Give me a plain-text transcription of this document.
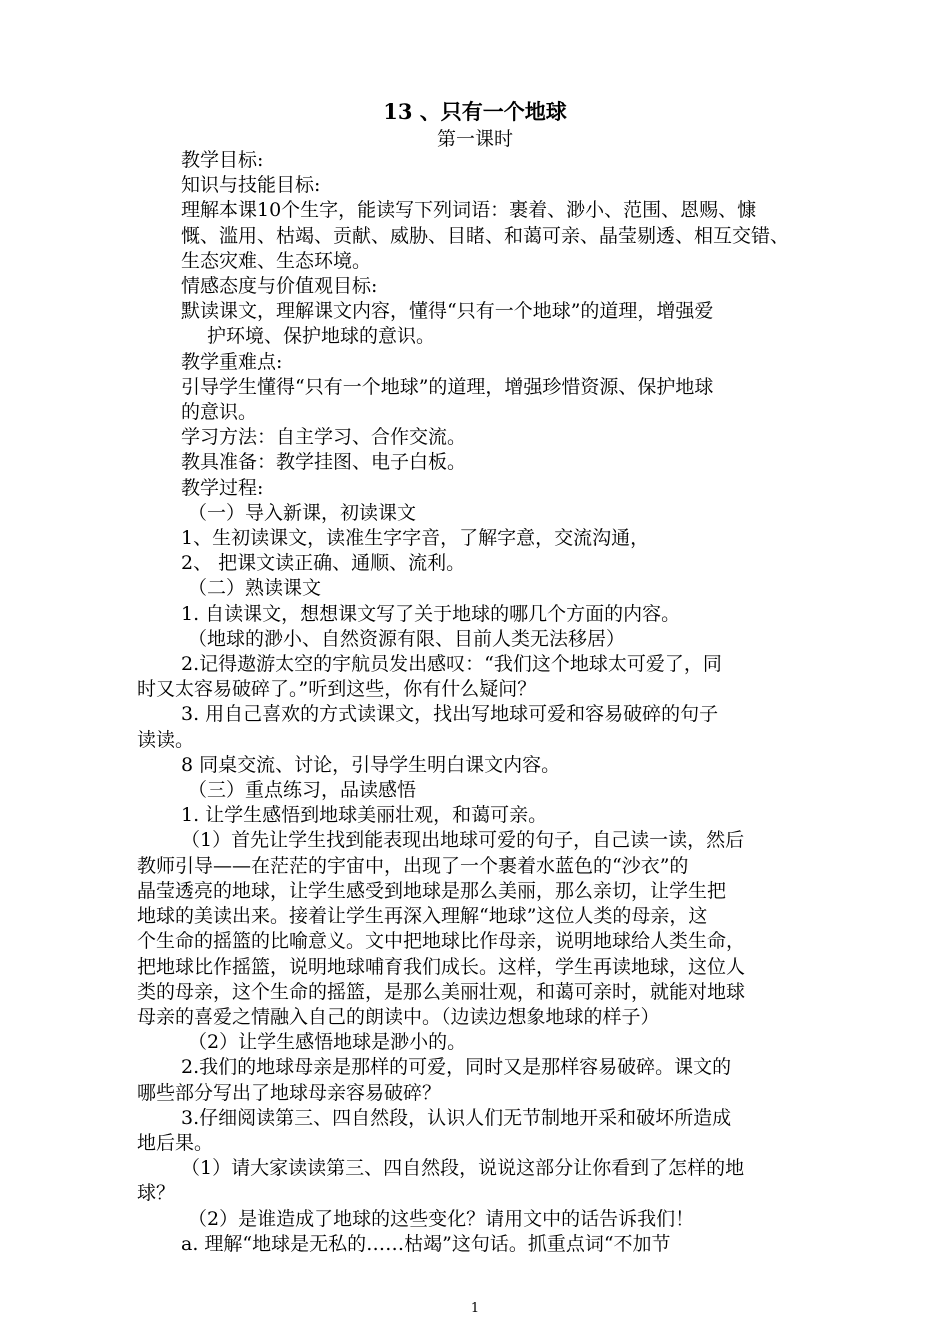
13 、只有一个地球
第一课时

教学目标:

知识与技能目标:

理解本课10个生字，能读写下列词语：裹着、渺小、范围、恩赐、慷

慨、滥用、枯竭、贡献、威胁、目睹、和蔼可亲、晶莹剔透、相互交错、

生态灾难、生态环境。

情感态度与价值观目标:

默读课文，理解课文内容，懂得“只有一个地球”的道理，增强爱

护环境、保护地球的意识。

教学重难点:

引导学生懂得“只有一个地球”的道理，增强珍惜资源、保护地球

的意识。

学习方法：自主学习、合作交流。

教具准备：教学挂图、电子白板。

教学过程:

（一）导入新课，初读课文

1、生初读课文，读准生字字音，了解字意，交流沟通，

2、 把课文读正确、通顺、流利。

（二）熟读课文

1. 自读课文，想想课文写了关于地球的哪几个方面的内容。

（地球的渺小、自然资源有限、目前人类无法移居）

2.记得遨游太空的宇航员发出感叹：“我们这个地球太可爱了，同

时又太容易破碎了。”听到这些，你有什么疑问？

3. 用自己喜欢的方式读课文，找出写地球可爱和容易破碎的句子

读读。

8 同桌交流、讨论，引导学生明白课文内容。

（三）重点练习，品读感悟

1. 让学生感悟到地球美丽壮观，和蔼可亲。

（1）首先让学生找到能表现出地球可爱的句子，自己读一读，然后

教师引导——在茫茫的宇宙中，出现了一个裹着水蓝色的“沙衣”的

晶莹透亮的地球，让学生感受到地球是那么美丽，那么亲切，让学生把

地球的美读出来。接着让学生再深入理解“地球”这位人类的母亲，这

个生命的摇篮的比喻意义。文中把地球比作母亲，说明地球给人类生命，

把地球比作摇篮，说明地球哺育我们成长。这样，学生再读地球，这位人

类的母亲，这个生命的摇篮，是那么美丽壮观，和蔼可亲时，就能对地球

母亲的喜爱之情融入自己的朗读中。（边读边想象地球的样子）

（2）让学生感悟地球是渺小的。

2.我们的地球母亲是那样的可爱，同时又是那样容易破碎。课文的

哪些部分写出了地球母亲容易破碎？

3.仔细阅读第三、四自然段，认识人们无节制地开采和破坏所造成

地后果。

（1）请大家读读第三、四自然段，说说这部分让你看到了怎样的地

球？

（2）是谁造成了地球的这些变化？请用文中的话告诉我们！

a. 理解“地球是无私的……枯竭”这句话。抓重点词“不加节

1
